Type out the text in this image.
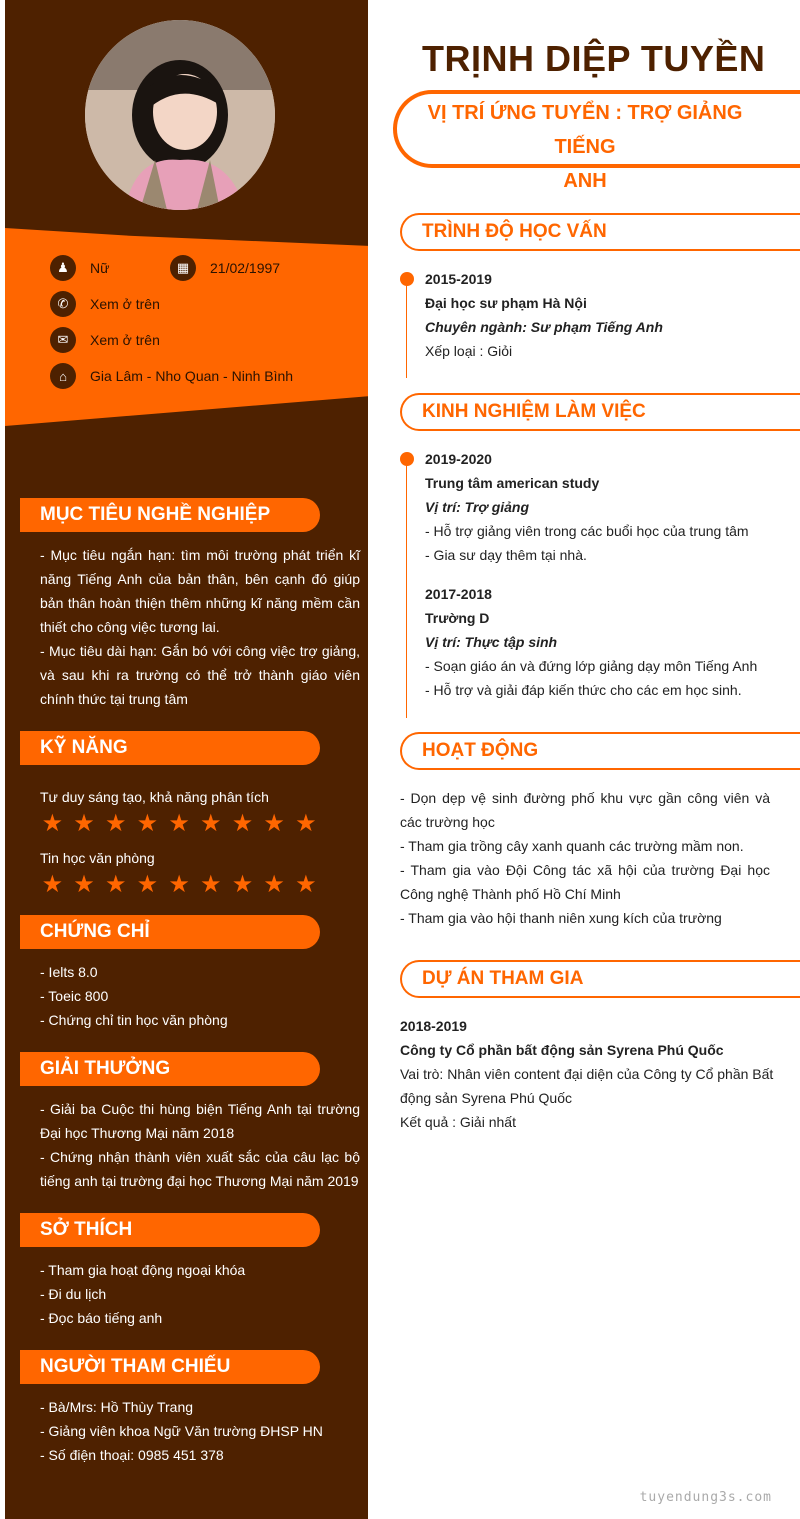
♟	Nữ	▦	21/02/1997
✆	Xem ở trên
✉	Xem ở trên
⌂	Gia Lâm - Nho Quan - Ninh Bình
MỤC TIÊU NGHỀ NGHIỆP
- Mục tiêu ngắn hạn: tìm môi trường phát triển kĩ năng Tiếng Anh của bản thân, bên cạnh đó giúp bản thân hoàn thiện thêm những kĩ năng mềm cần thiết cho công việc tương lai.
- Mục tiêu dài hạn: Gắn bó với công việc trợ giảng, và sau khi ra trường có thể trở thành giáo viên chính thức tại trung tâm
KỸ NĂNG
Tư duy sáng tạo, khả năng phân tích
★ ★ ★ ★ ★ ★ ★ ★ ★
Tin học văn phòng
★ ★ ★ ★ ★ ★ ★ ★ ★
CHỨNG CHỈ
- Ielts 8.0
- Toeic 800
- Chứng chỉ tin học văn phòng
GIẢI THƯỞNG
- Giải ba Cuộc thi hùng biện Tiếng Anh tại trường Đại học Thương Mại năm 2018
- Chứng nhận thành viên xuất sắc của câu lạc bộ tiếng anh tại trường đại học Thương Mại năm 2019
SỞ THÍCH
- Tham gia hoạt động ngoại khóa
- Đi du lịch
- Đọc báo tiếng anh
NGƯỜI THAM CHIẾU
- Bà/Mrs: Hồ Thùy Trang
- Giảng viên khoa Ngữ Văn trường ĐHSP HN
- Số điện thoại: 0985 451 378
TRỊNH DIỆP TUYỀN
VỊ TRÍ ỨNG TUYỂN : TRỢ GIẢNG TIẾNG
ANH
TRÌNH ĐỘ HỌC VẤN
2015-2019
Đại học sư phạm Hà Nội
Chuyên ngành: Sư phạm Tiếng Anh
Xếp loại : Giỏi
KINH NGHIỆM LÀM VIỆC
2019-2020
Trung tâm american study
Vị trí: Trợ giảng
- Hỗ trợ giảng viên trong các buổi học của trung tâm
- Gia sư dạy thêm tại nhà.
2017-2018
Trường D
Vị trí: Thực tập sinh
- Soạn giáo án và đứng lớp giảng dạy môn Tiếng Anh
- Hỗ trợ và giải đáp kiến thức cho các em học sinh.
HOẠT ĐỘNG
- Dọn dẹp vệ sinh đường phố khu vực gần công viên và các trường học
- Tham gia trồng cây xanh quanh các trường mầm non.
- Tham gia vào Đội Công tác xã hội của trường Đại học Công nghệ Thành phố Hồ Chí Minh
- Tham gia vào hội thanh niên xung kích của trường
DỰ ÁN THAM GIA
2018-2019
Công ty Cổ phần bất động sản Syrena Phú Quốc
Vai trò: Nhân viên content đại diện của Công ty Cổ phần Bất động sản Syrena Phú Quốc
Kết quả : Giải nhất
tuyendung3s.com
